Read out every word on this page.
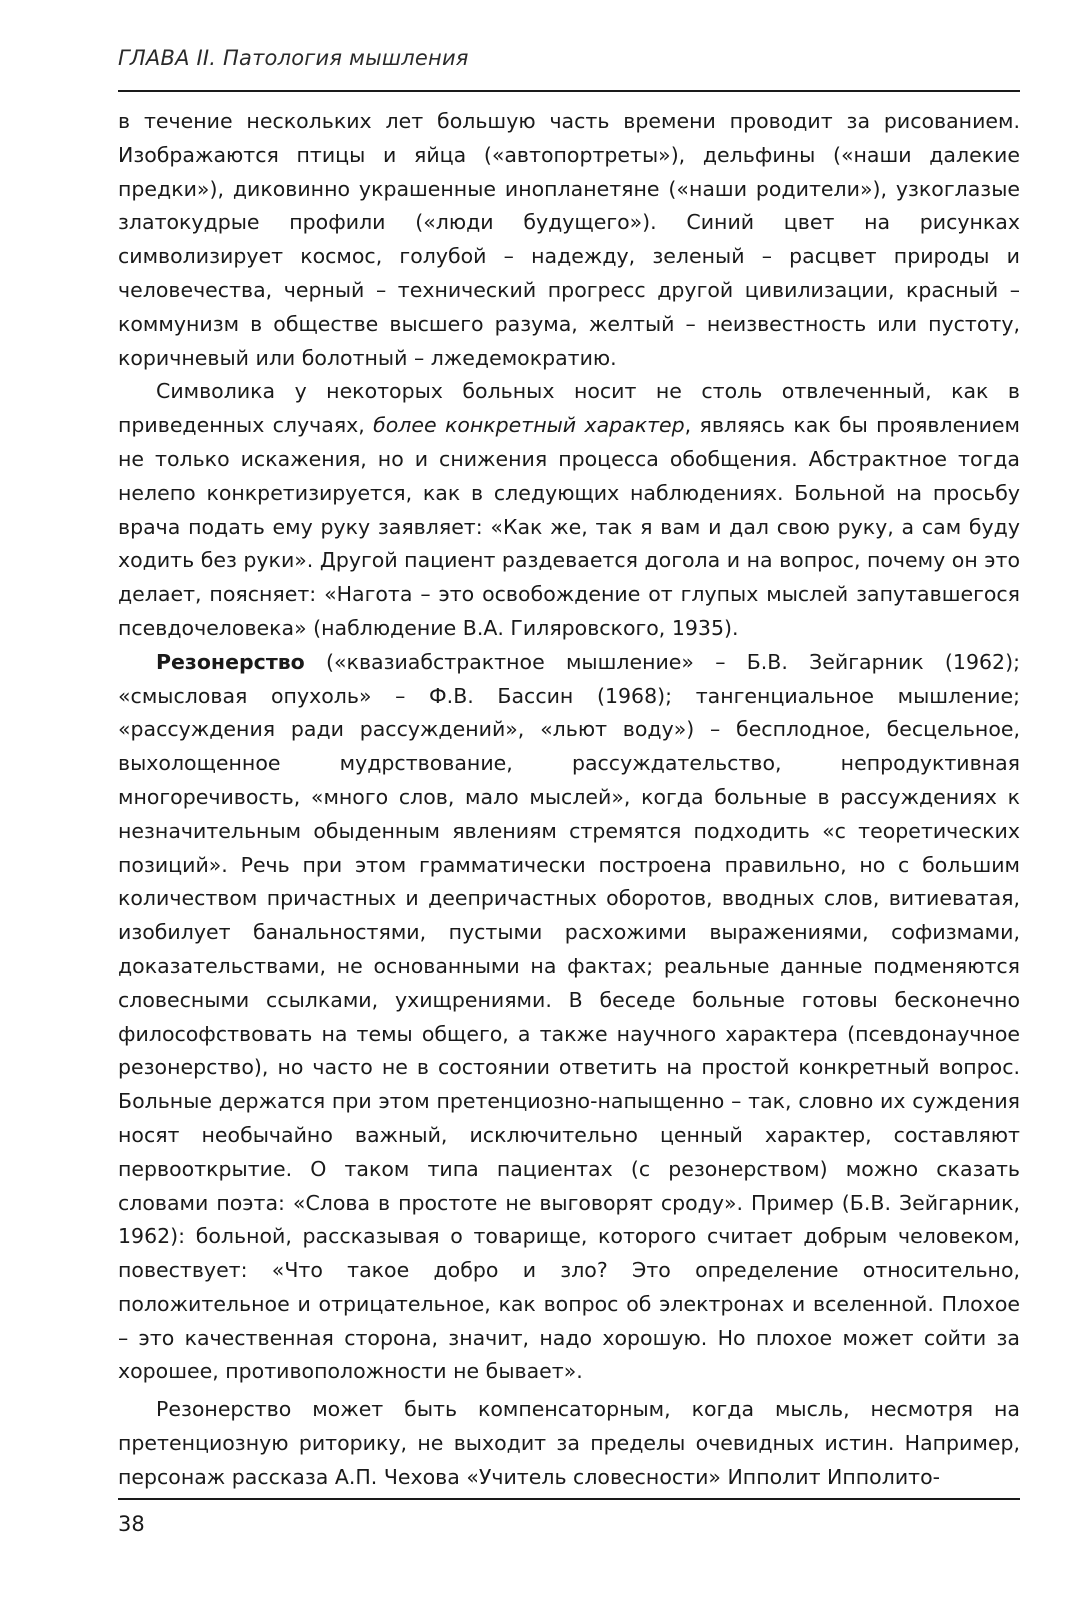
ГЛАВА II. Патология мышления

в течение нескольких лет большую часть времени проводит за рисованием. Изображаются птицы и яйца («автопортреты»), дельфины («наши далекие предки»), диковинно украшенные инопланетяне («наши родители»), узкоглазые златокудрые профили («люди будущего»). Синий цвет на рисунках символизирует космос, голубой – надежду, зеленый – расцвет природы и человечества, черный – технический прогресс другой цивилизации, красный – коммунизм в обществе высшего разума, желтый – неизвестность или пустоту, коричневый или болотный – лжедемократию.

Символика у некоторых больных носит не столь отвлеченный, как в приведенных случаях, более конкретный характер, являясь как бы проявлением не только искажения, но и снижения процесса обобщения. Абстрактное тогда нелепо конкретизируется, как в следующих наблюдениях. Больной на просьбу врача подать ему руку заявляет: «Как же, так я вам и дал свою руку, а сам буду ходить без руки». Другой пациент раздевается догола и на вопрос, почему он это делает, поясняет: «Нагота – это освобождение от глупых мыслей запутавшегося псевдочеловека» (наблюдение В.А. Гиляровского, 1935).

Резонерство («квазиабстрактное мышление» – Б.В. Зейгарник (1962); «смысловая опухоль» – Ф.В. Бассин (1968); тангенциальное мышление; «рассуждения ради рассуждений», «льют воду») – бесплодное, бесцельное, выхолощенное мудрствование, рассуждательство, непродуктивная многоречивость, «много слов, мало мыслей», когда больные в рассуждениях к незначительным обыденным явлениям стремятся подходить «с теоретических позиций». Речь при этом грамматически построена правильно, но с большим количеством причастных и деепричастных оборотов, вводных слов, витиеватая, изобилует банальностями, пустыми расхожими выражениями, софизмами, доказательствами, не основанными на фактах; реальные данные подменяются словесными ссылками, ухищрениями. В беседе больные готовы бесконечно философствовать на темы общего, а также научного характера (псевдонаучное резонерство), но часто не в состоянии ответить на простой конкретный вопрос. Больные держатся при этом претенциозно-напыщенно – так, словно их суждения носят необычайно важный, исключительно ценный характер, составляют первооткрытие. О таком типа пациентах (с резонерством) можно сказать словами поэта: «Слова в простоте не выговорят сроду». Пример (Б.В. Зейгарник, 1962): больной, рассказывая о товарище, которого считает добрым человеком, повествует: «Что такое добро и зло? Это определение относительно, положительное и отрицательное, как вопрос об электронах и вселенной. Плохое – это качественная сторона, значит, надо хорошую. Но плохое может сойти за хорошее, противоположности не бывает».

Резонерство может быть компенсаторным, когда мысль, несмотря на претенциозную риторику, не выходит за пределы очевидных истин. Например, персонаж рассказа А.П. Чехова «Учитель словесности» Ипполит Ипполито-

38
